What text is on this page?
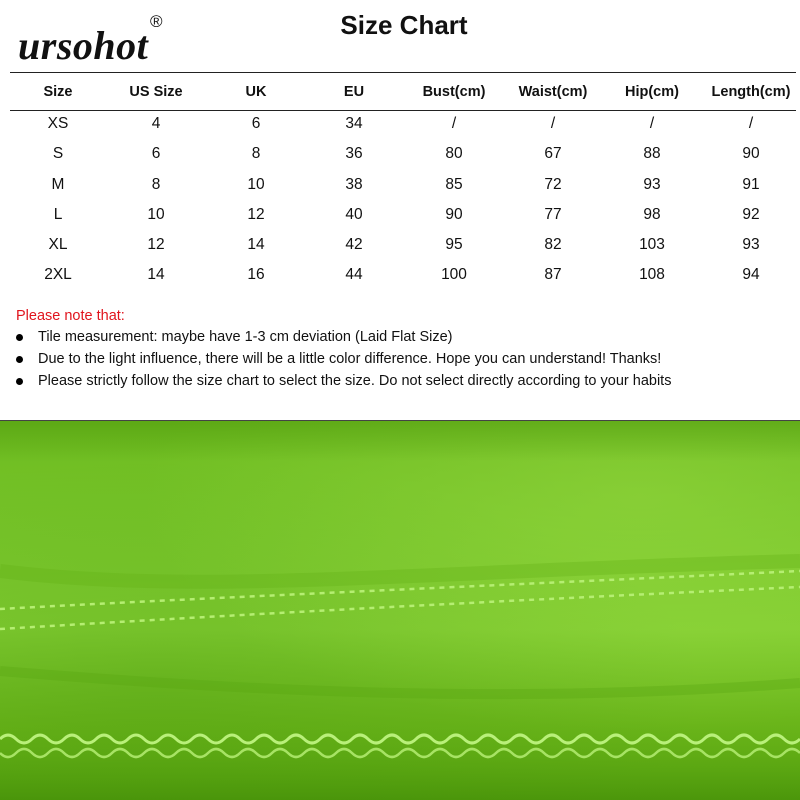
ursohot
®	Size Chart
Size	US Size	UK	EU	Bust(cm)	Waist(cm)	Hip(cm)	Length(cm)
XS	4	6	34	/	/	/	/
S	6	8	36	80	67	88	90
M	8	10	38	85	72	93	91
L	10	12	40	90	77	98	92
XL	12	14	42	95	82	103	93
2XL	14	16	44	100	87	108	94
Please note that:
Tile measurement: maybe have 1-3 cm deviation (Laid Flat Size)
Due to the light influence, there will be a little color difference. Hope you can understand! Thanks!
Please strictly follow the size chart to select the size. Do not select directly according to your habits
